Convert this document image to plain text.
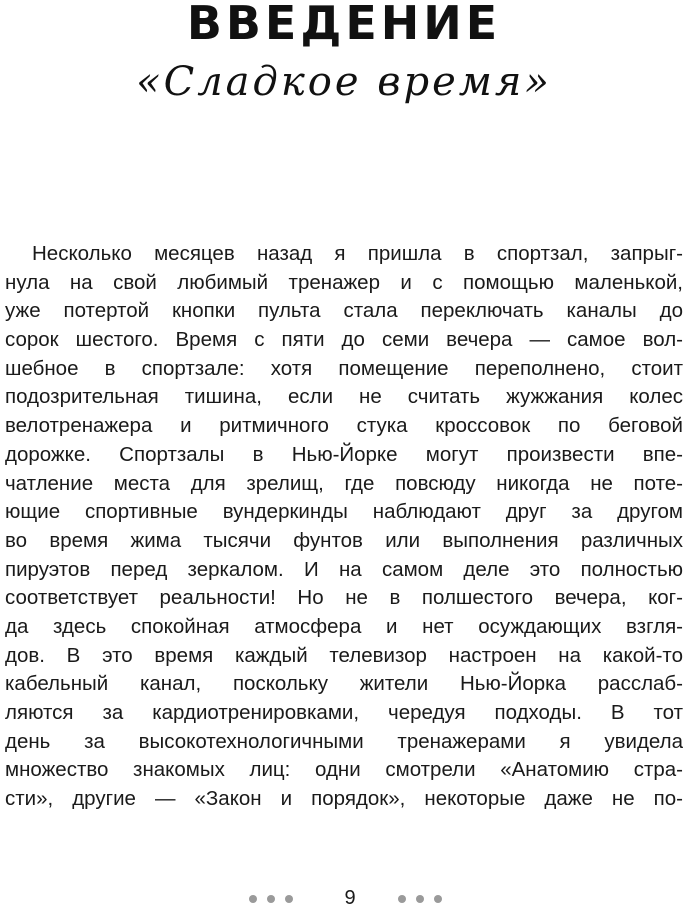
ВВЕДЕНИЕ
«Сладкое время»
Несколько месяцев назад я пришла в спортзал, запрыг-
нула на свой любимый тренажер и с помощью маленькой,
уже потертой кнопки пульта стала переключать каналы до
сорок шестого. Время с пяти до семи вечера — самое вол-
шебное в спортзале: хотя помещение переполнено, стоит
подозрительная тишина, если не считать жужжания колес
велотренажера и ритмичного стука кроссовок по беговой
дорожке. Спортзалы в Нью-Йорке могут произвести впе-
чатление места для зрелищ, где повсюду никогда не поте-
ющие спортивные вундеркинды наблюдают друг за другом
во время жима тысячи фунтов или выполнения различных
пируэтов перед зеркалом. И на самом деле это полностью
соответствует реальности! Но не в полшестого вечера, ког-
да здесь спокойная атмосфера и нет осуждающих взгля-
дов. В это время каждый телевизор настроен на какой-то
кабельный канал, поскольку жители Нью-Йорка расслаб-
ляются за кардиотренировками, чередуя подходы. В тот
день за высокотехнологичными тренажерами я увидела
множество знакомых лиц: одни смотрели «Анатомию стра-
сти», другие — «Закон и порядок», некоторые даже не по-
9
